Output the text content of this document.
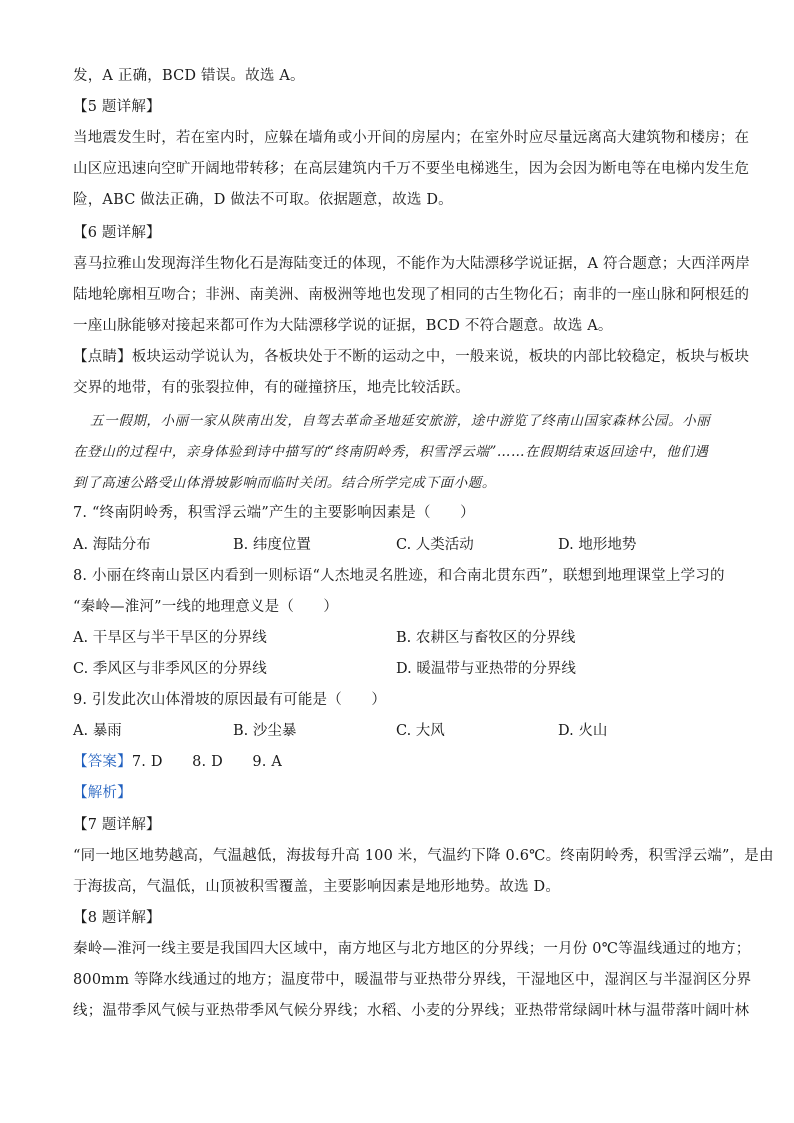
发，A 正确，BCD 错误。故选 A。
【5 题详解】
当地震发生时，若在室内时，应躲在墙角或小开间的房屋内；在室外时应尽量远离高大建筑物和楼房；在
山区应迅速向空旷开阔地带转移；在高层建筑内千万不要坐电梯逃生，因为会因为断电等在电梯内发生危
险，ABC 做法正确，D 做法不可取。依据题意，故选 D。
【6 题详解】
喜马拉雅山发现海洋生物化石是海陆变迁的体现，不能作为大陆漂移学说证据，A 符合题意；大西洋两岸
陆地轮廓相互吻合；非洲、南美洲、南极洲等地也发现了相同的古生物化石；南非的一座山脉和阿根廷的
一座山脉能够对接起来都可作为大陆漂移学说的证据，BCD 不符合题意。故选 A。
【点睛】板块运动学说认为，各板块处于不断的运动之中，一般来说，板块的内部比较稳定，板块与板块
交界的地带，有的张裂拉伸，有的碰撞挤压，地壳比较活跃。
五一假期，小丽一家从陕南出发，自驾去革命圣地延安旅游，途中游览了终南山国家森林公园。小丽
在登山的过程中，亲身体验到诗中描写的“终南阴岭秀，积雪浮云端”……在假期结束返回途中，他们遇
到了高速公路受山体滑坡影响而临时关闭。结合所学完成下面小题。
7. “终南阴岭秀，积雪浮云端”产生的主要影响因素是（　　）
A. 海陆分布	B. 纬度位置	C. 人类活动	D. 地形地势
8. 小丽在终南山景区内看到一则标语“人杰地灵名胜迹，和合南北贯东西”，联想到地理课堂上学习的
“秦岭—淮河”一线的地理意义是（　　）
A. 干旱区与半干旱区的分界线	B. 农耕区与畜牧区的分界线
C. 季风区与非季风区的分界线	D. 暖温带与亚热带的分界线
9. 引发此次山体滑坡的原因最有可能是（　　）
A. 暴雨	B. 沙尘暴	C. 大风	D. 火山
【答案】7. D　　8. D　　9. A
【解析】
【7 题详解】
“同一地区地势越高，气温越低，海拔每升高 100 米，气温约下降 0.6℃。终南阴岭秀，积雪浮云端”，是由
于海拔高，气温低，山顶被积雪覆盖，主要影响因素是地形地势。故选 D。
【8 题详解】
秦岭—淮河一线主要是我国四大区域中，南方地区与北方地区的分界线；一月份 0℃等温线通过的地方；
800mm 等降水线通过的地方；温度带中，暖温带与亚热带分界线，干湿地区中，湿润区与半湿润区分界
线；温带季风气候与亚热带季风气候分界线；水稻、小麦的分界线；亚热带常绿阔叶林与温带落叶阔叶林
